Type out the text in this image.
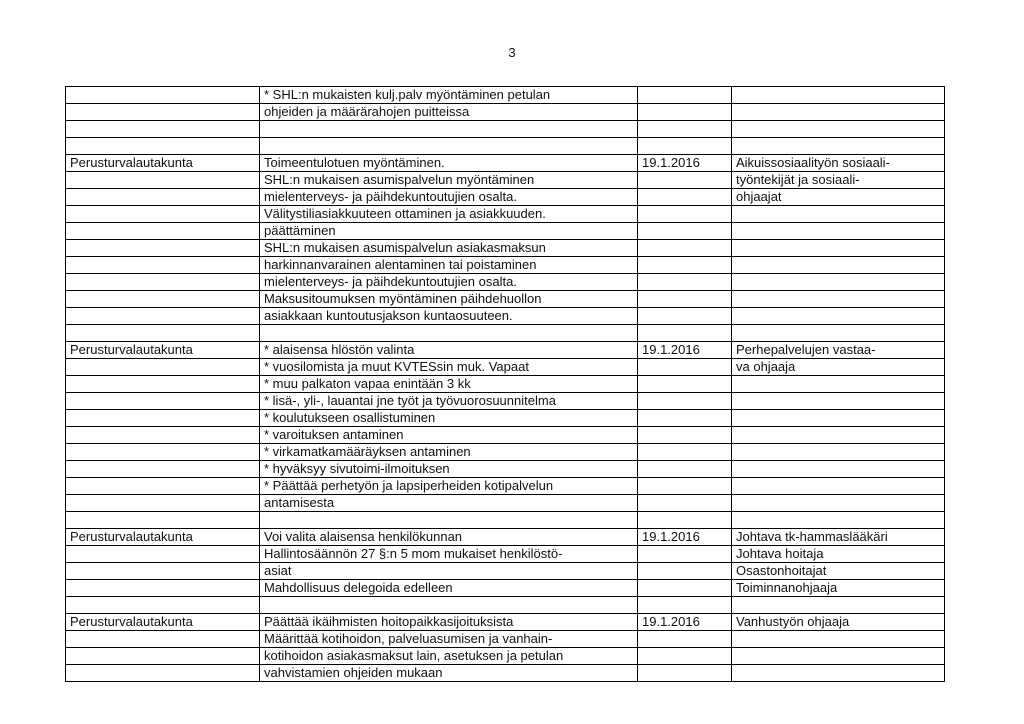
3
	* SHL:n mukaisten kulj.palv myöntäminen petulan		
	ohjeiden ja määrärahojen puitteissa		

Perusturvalautakunta	Toimeentulotuen myöntäminen.	19.1.2016	Aikuissosiaalityön sosiaali-
	SHL:n mukaisen asumispalvelun myöntäminen		työntekijät ja sosiaali-
	mielenterveys- ja päihdekuntoutujien osalta.		ohjaajat
	Välitystiliasiakkuuteen ottaminen ja asiakkuuden.		
	päättäminen		
	SHL:n mukaisen asumispalvelun asiakasmaksun		
	harkinnanvarainen alentaminen tai poistaminen		
	mielenterveys- ja päihdekuntoutujien osalta.		
	Maksusitoumuksen myöntäminen päihdehuollon		
	asiakkaan kuntoutusjakson kuntaosuuteen.		

Perusturvalautakunta	* alaisensa hlöstön valinta	19.1.2016	Perhepalvelujen vastaa-
	* vuosilomista ja muut KVTESsin muk. Vapaat		va ohjaaja
	* muu palkaton vapaa enintään 3 kk		
	* lisä-, yli-, lauantai jne työt ja työvuorosuunnitelma		
	* koulutukseen osallistuminen		
	* varoituksen antaminen		
	* virkamatkamääräyksen antaminen		
	* hyväksyy sivutoimi-ilmoituksen		
	* Päättää perhetyön ja lapsiperheiden kotipalvelun		
	antamisesta		

Perusturvalautakunta	Voi valita alaisensa henkilökunnan	19.1.2016	Johtava tk-hammaslääkäri
	Hallintosäännön 27 §:n 5 mom mukaiset henkilöstö-		Johtava hoitaja
	asiat		Osastonhoitajat
	Mahdollisuus delegoida edelleen		Toiminnanohjaaja

Perusturvalautakunta	Päättää ikäihmisten hoitopaikkasijoituksista	19.1.2016	Vanhustyön ohjaaja
	Määrittää kotihoidon, palveluasumisen ja vanhain-		
	kotihoidon asiakasmaksut lain, asetuksen ja petulan		
	vahvistamien ohjeiden mukaan		
